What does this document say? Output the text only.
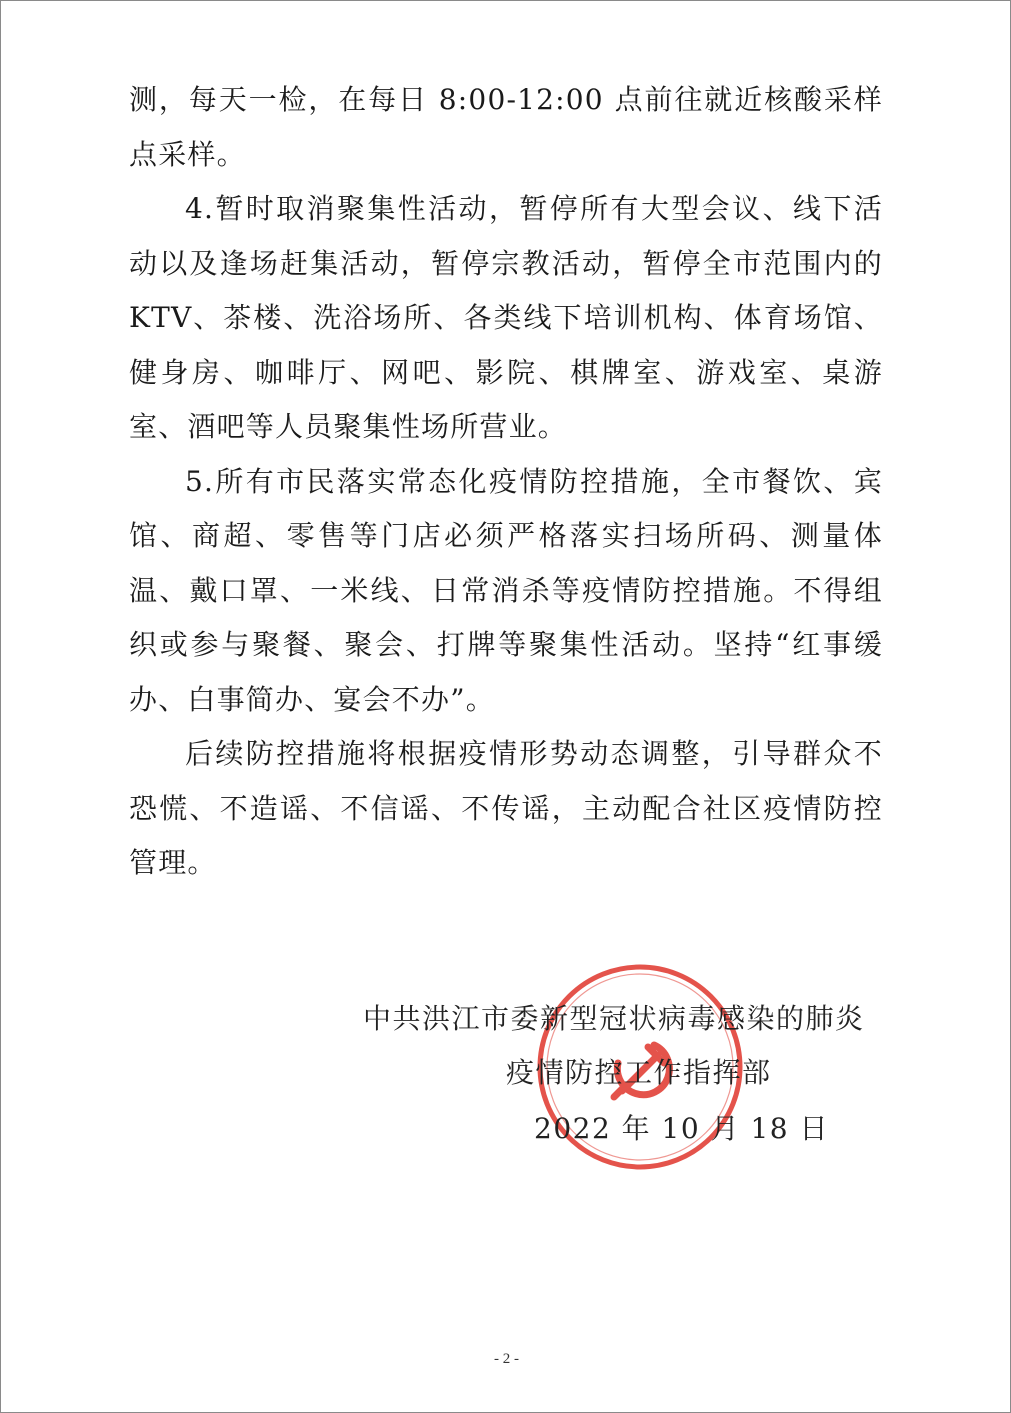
测，每天一检，在每日 8:00-12:00 点前往就近核酸采样点采样。

4.暂时取消聚集性活动，暂停所有大型会议、线下活动以及逢场赶集活动，暂停宗教活动，暂停全市范围内的 KTV、茶楼、洗浴场所、各类线下培训机构、体育场馆、健身房、咖啡厅、网吧、影院、棋牌室、游戏室、桌游室、酒吧等人员聚集性场所营业。

5.所有市民落实常态化疫情防控措施，全市餐饮、宾馆、商超、零售等门店必须严格落实扫场所码、测量体温、戴口罩、一米线、日常消杀等疫情防控措施。不得组织或参与聚餐、聚会、打牌等聚集性活动。坚持“红事缓办、白事简办、宴会不办”。

后续防控措施将根据疫情形势动态调整，引导群众不恐慌、不造谣、不信谣、不传谣，主动配合社区疫情防控管理。

中共洪江市委新型冠状病毒感染的肺炎
疫情防控工作指挥部
2022 年 10 月 18 日
- 2 -
